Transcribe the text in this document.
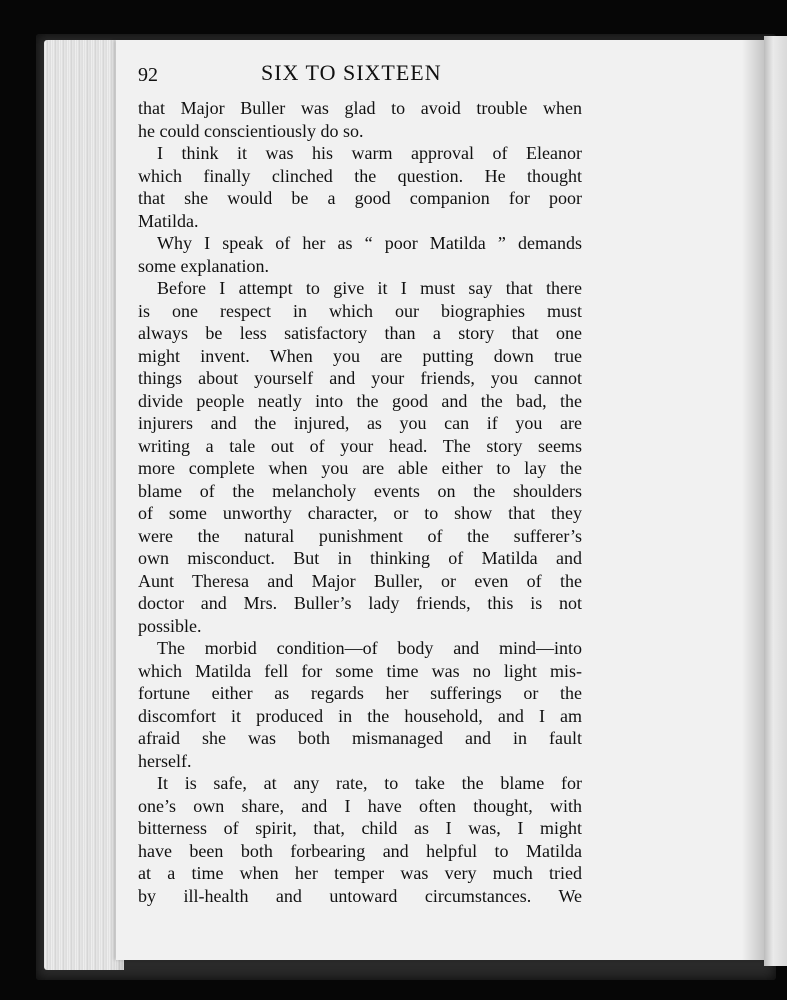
92	SIX TO SIXTEEN
that Major Buller was glad to avoid trouble when
he could conscientiously do so.
I think it was his warm approval of Eleanor
which finally clinched the question. He thought
that she would be a good companion for poor
Matilda.
Why I speak of her as “ poor Matilda ” demands
some explanation.
Before I attempt to give it I must say that there
is one respect in which our biographies must
always be less satisfactory than a story that one
might invent. When you are putting down true
things about yourself and your friends, you cannot
divide people neatly into the good and the bad, the
injurers and the injured, as you can if you are
writing a tale out of your head. The story seems
more complete when you are able either to lay the
blame of the melancholy events on the shoulders
of some unworthy character, or to show that they
were the natural punishment of the sufferer’s
own misconduct. But in thinking of Matilda and
Aunt Theresa and Major Buller, or even of the
doctor and Mrs. Buller’s lady friends, this is not
possible.
The morbid condition—of body and mind—into
which Matilda fell for some time was no light mis-
fortune either as regards her sufferings or the
discomfort it produced in the household, and I am
afraid she was both mismanaged and in fault
herself.
It is safe, at any rate, to take the blame for
one’s own share, and I have often thought, with
bitterness of spirit, that, child as I was, I might
have been both forbearing and helpful to Matilda
at a time when her temper was very much tried
by ill-health and untoward circumstances. We
